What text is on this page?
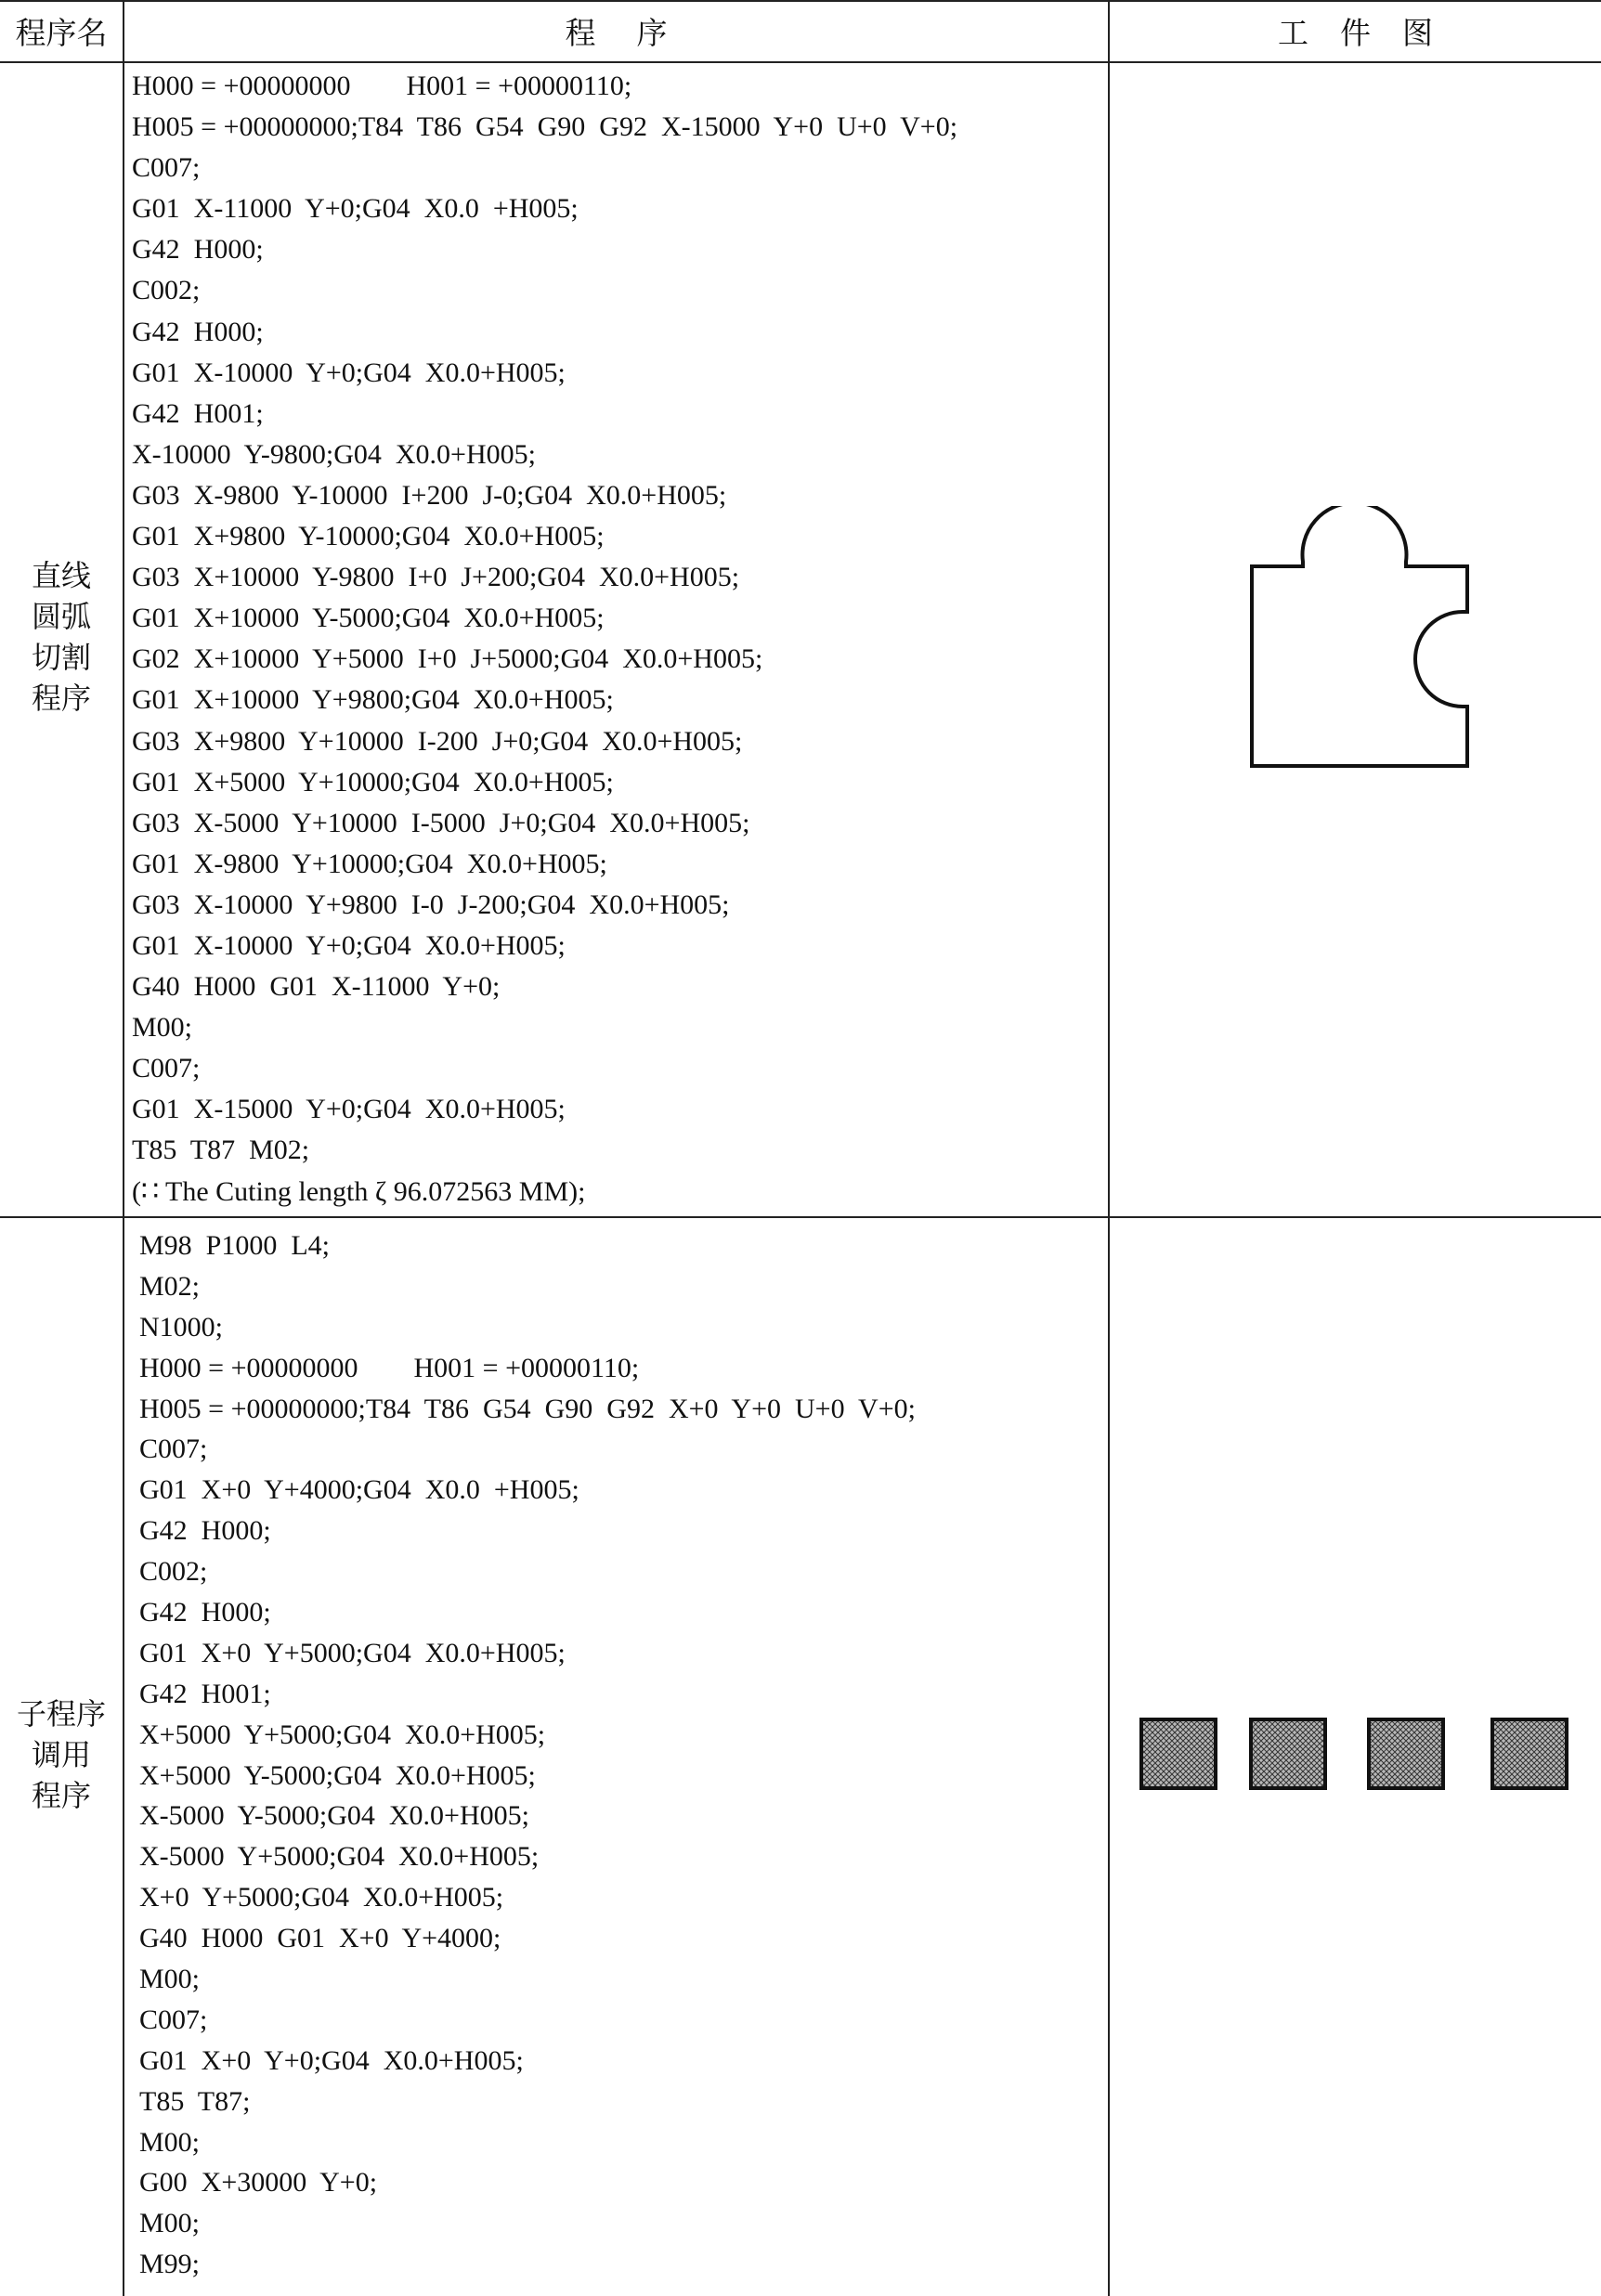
程序名	程序	工件图
直线
圆弧
切割
程序
H000 = +00000000        H001 = +00000110;
H005 = +00000000;T84  T86  G54  G90  G92  X-15000  Y+0  U+0  V+0;
C007;
G01  X-11000  Y+0;G04  X0.0  +H005;
G42  H000;
C002;
G42  H000;
G01  X-10000  Y+0;G04  X0.0+H005;
G42  H001;
X-10000  Y-9800;G04  X0.0+H005;
G03  X-9800  Y-10000  I+200  J-0;G04  X0.0+H005;
G01  X+9800  Y-10000;G04  X0.0+H005;
G03  X+10000  Y-9800  I+0  J+200;G04  X0.0+H005;
G01  X+10000  Y-5000;G04  X0.0+H005;
G02  X+10000  Y+5000  I+0  J+5000;G04  X0.0+H005;
G01  X+10000  Y+9800;G04  X0.0+H005;
G03  X+9800  Y+10000  I-200  J+0;G04  X0.0+H005;
G01  X+5000  Y+10000;G04  X0.0+H005;
G03  X-5000  Y+10000  I-5000  J+0;G04  X0.0+H005;
G01  X-9800  Y+10000;G04  X0.0+H005;
G03  X-10000  Y+9800  I-0  J-200;G04  X0.0+H005;
G01  X-10000  Y+0;G04  X0.0+H005;
G40  H000  G01  X-11000  Y+0;
M00;
C007;
G01  X-15000  Y+0;G04  X0.0+H005;
T85  T87  M02;
(∷ The Cuting length ζ 96.072563 MM);
子程序
调用
程序
M98  P1000  L4;
M02;
N1000;
H000 = +00000000        H001 = +00000110;
H005 = +00000000;T84  T86  G54  G90  G92  X+0  Y+0  U+0  V+0;
C007;
G01  X+0  Y+4000;G04  X0.0  +H005;
G42  H000;
C002;
G42  H000;
G01  X+0  Y+5000;G04  X0.0+H005;
G42  H001;
X+5000  Y+5000;G04  X0.0+H005;
X+5000  Y-5000;G04  X0.0+H005;
X-5000  Y-5000;G04  X0.0+H005;
X-5000  Y+5000;G04  X0.0+H005;
X+0  Y+5000;G04  X0.0+H005;
G40  H000  G01  X+0  Y+4000;
M00;
C007;
G01  X+0  Y+0;G04  X0.0+H005;
T85  T87;
M00;
G00  X+30000  Y+0;
M00;
M99;
